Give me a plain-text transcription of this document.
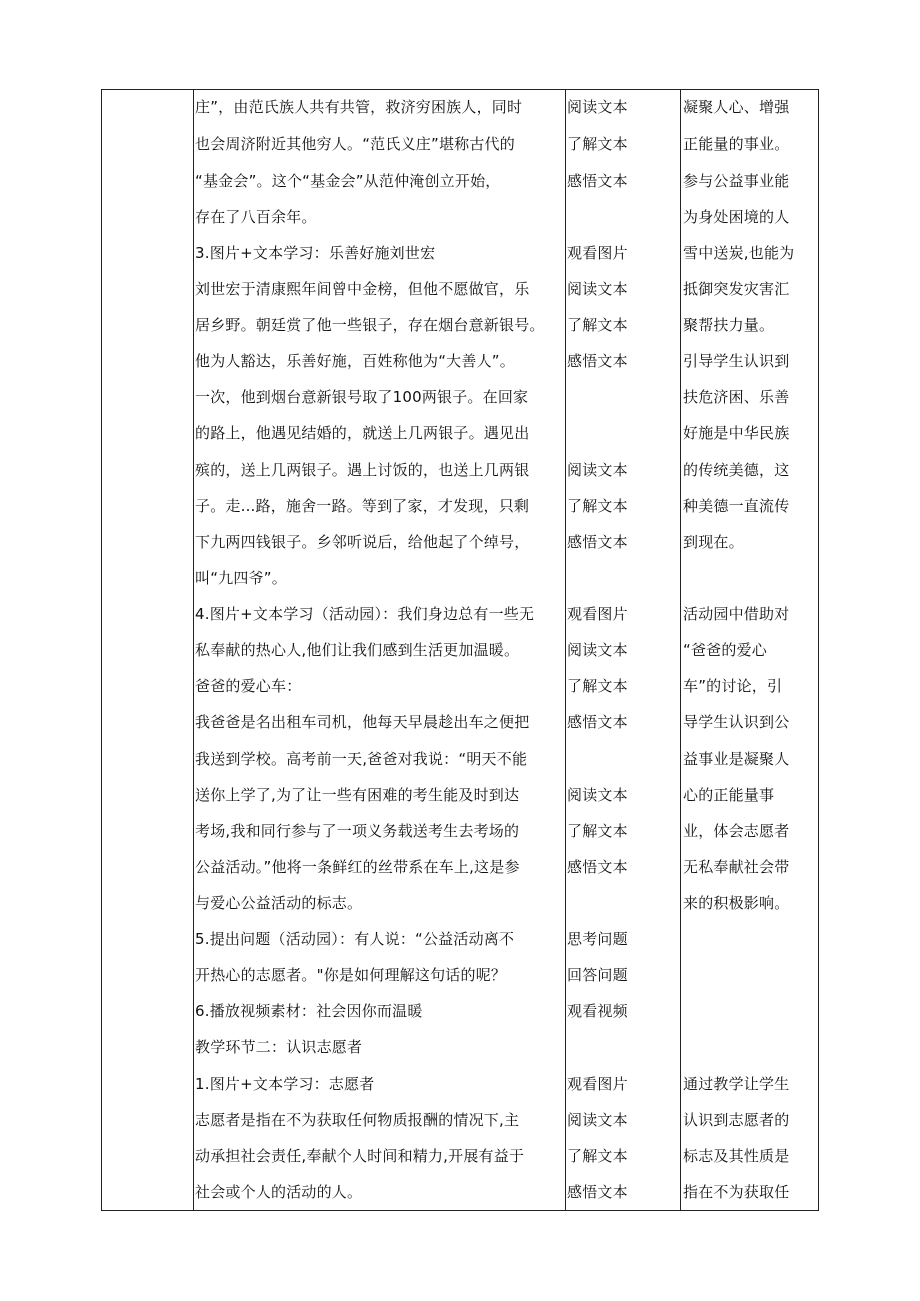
庄”，由范氏族人共有共管，救济穷困族人，同时
也会周济附近其他穷人。“范氏义庄”堪称古代的
“基金会”。这个“基金会”从范仲淹创立开始，
存在了八百余年。
3.图片+文本学习：乐善好施刘世宏
刘世宏于清康熙年间曾中金榜，但他不愿做官，乐
居乡野。朝廷赏了他一些银子，存在烟台意新银号。
他为人豁达，乐善好施，百姓称他为“大善人”。
一次，他到烟台意新银号取了100两银子。在回家
的路上，他遇见结婚的，就送上几两银子。遇见出
殡的，送上几两银子。遇上讨饭的，也送上几两银
子。走...路，施舍一路。等到了家，才发现，只剩
下九两四钱银子。乡邻听说后，给他起了个绰号，
叫“九四爷”。
4.图片+文本学习（活动园）：我们身边总有一些无
私奉献的热心人,他们让我们感到生活更加温暖。
爸爸的爱心车：
我爸爸是名出租车司机，他每天早晨趁出车之便把
我送到学校。高考前一天,爸爸对我说：“明天不能
送你上学了,为了让一些有困难的考生能及时到达
考场,我和同行参与了一项义务载送考生去考场的
公益活动。”他将一条鲜红的丝带系在车上,这是参
与爱心公益活动的标志。
5.提出问题（活动园）：有人说：“公益活动离不
开热心的志愿者。"你是如何理解这句话的呢？
6.播放视频素材：社会因你而温暖
教学环节二：认识志愿者
1.图片+文本学习：志愿者
志愿者是指在不为获取任何物质报酬的情况下,主
动承担社会责任,奉献个人时间和精力,开展有益于
社会或个人的活动的人。
阅读文本
了解文本
感悟文本
观看图片
阅读文本
了解文本
感悟文本
阅读文本
了解文本
感悟文本
观看图片
阅读文本
了解文本
感悟文本
阅读文本
了解文本
感悟文本
思考问题
回答问题
观看视频
观看图片
阅读文本
了解文本
感悟文本
凝聚人心、增强
正能量的事业。
参与公益事业能
为身处困境的人
雪中送炭,也能为
抵御突发灾害汇
聚帮扶力量。
引导学生认识到
扶危济困、乐善
好施是中华民族
的传统美德，这
种美德一直流传
到现在。
活动园中借助对
“爸爸的爱心
车”的讨论，引
导学生认识到公
益事业是凝聚人
心的正能量事
业，体会志愿者
无私奉献社会带
来的积极影响。
通过教学让学生
认识到志愿者的
标志及其性质是
指在不为获取任
